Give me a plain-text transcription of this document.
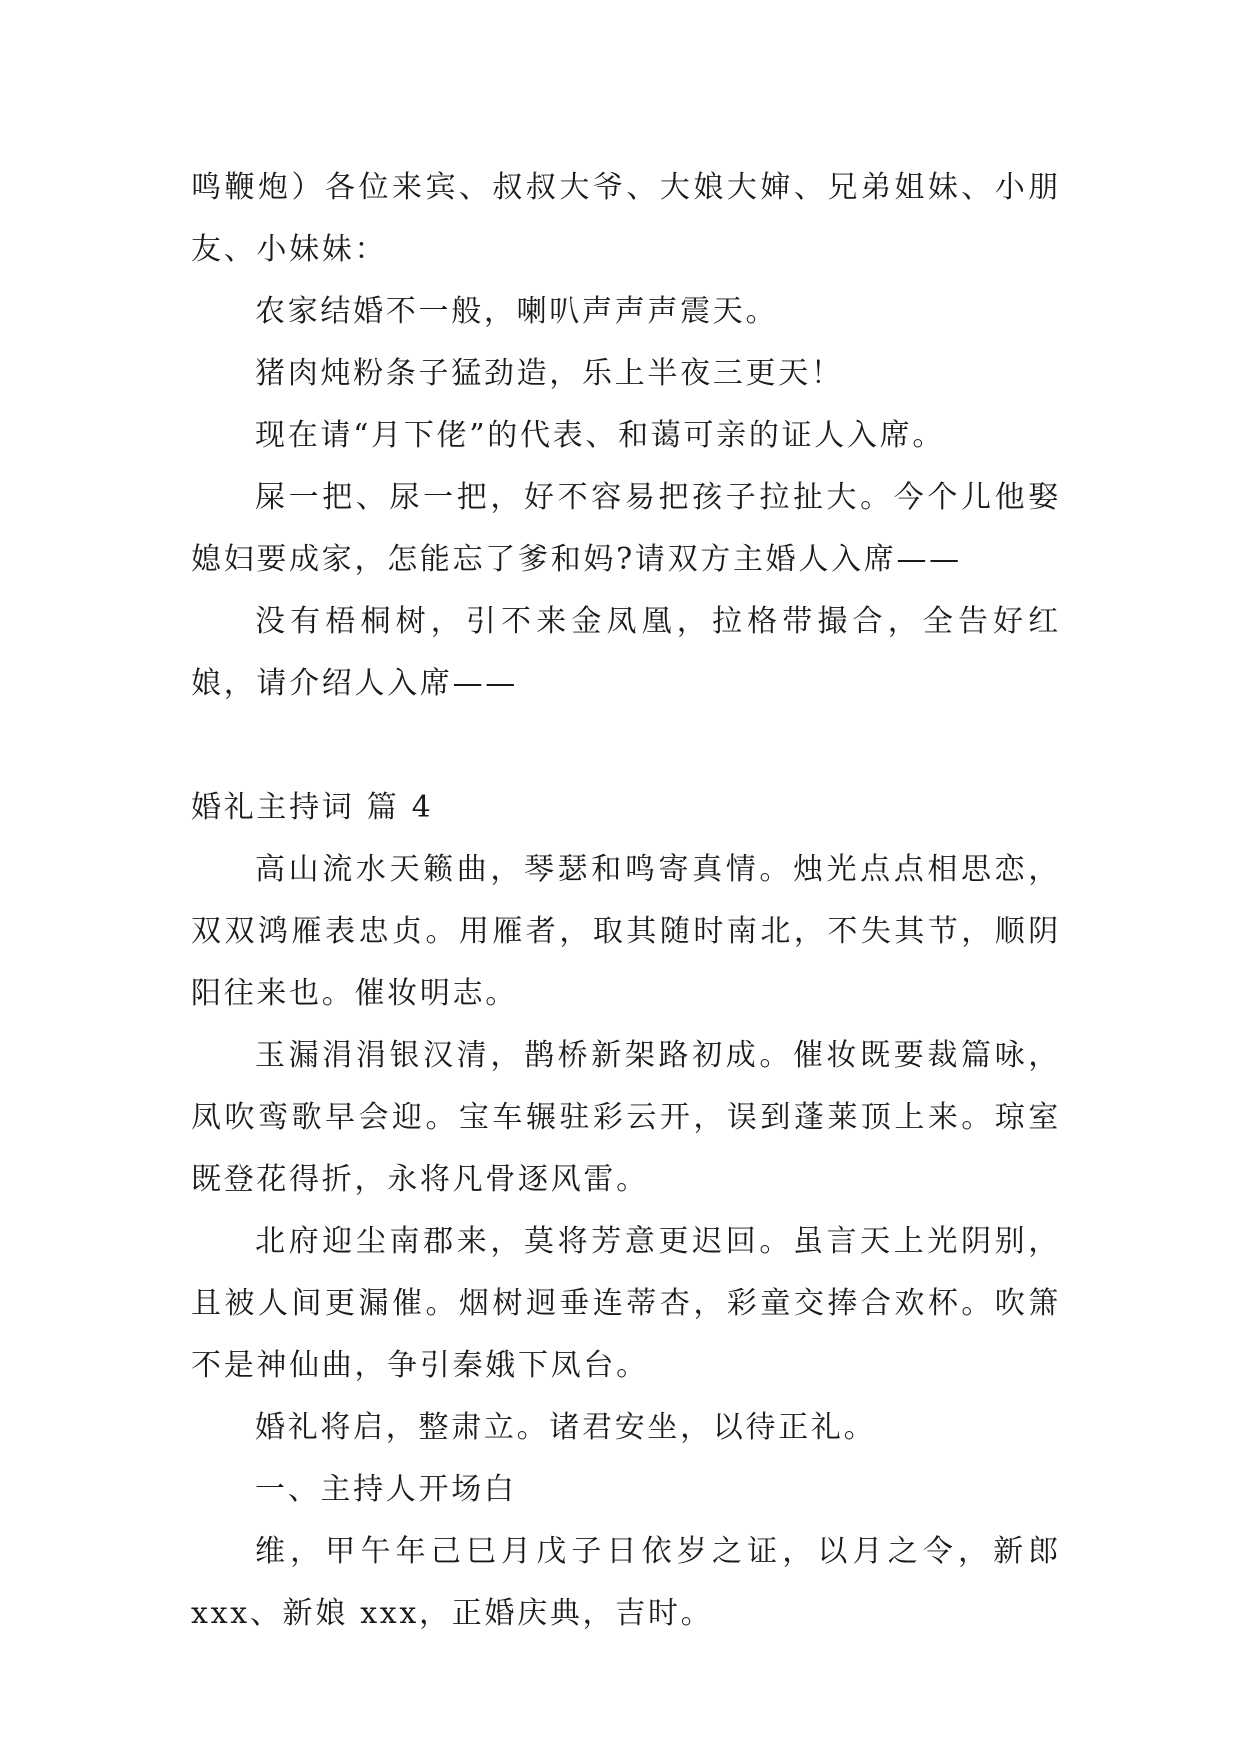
鸣鞭炮）各位来宾、叔叔大爷、大娘大婶、兄弟姐妹、小朋友、小妹妹：

农家结婚不一般，喇叭声声声震天。

猪肉炖粉条子猛劲造，乐上半夜三更天！

现在请“月下佬”的代表、和蔼可亲的证人入席。

屎一把、尿一把，好不容易把孩子拉扯大。今个儿他娶媳妇要成家，怎能忘了爹和妈?请双方主婚人入席——

没有梧桐树，引不来金凤凰，拉格带撮合，全告好红娘，请介绍人入席——

婚礼主持词 篇 4

高山流水天籁曲，琴瑟和鸣寄真情。烛光点点相思恋，双双鸿雁表忠贞。用雁者，取其随时南北，不失其节，顺阴阳往来也。催妆明志。

玉漏涓涓银汉清，鹊桥新架路初成。催妆既要裁篇咏，凤吹鸾歌早会迎。宝车辗驻彩云开，误到蓬莱顶上来。琼室既登花得折，永将凡骨逐风雷。

北府迎尘南郡来，莫将芳意更迟回。虽言天上光阴别，且被人间更漏催。烟树迥垂连蒂杏，彩童交捧合欢杯。吹箫不是神仙曲，争引秦娥下凤台。

婚礼将启，整肃立。诸君安坐，以待正礼。

一、主持人开场白

维，甲午年己巳月戊子日依岁之证，以月之令，新郎xxx、新娘 xxx，正婚庆典，吉时。
